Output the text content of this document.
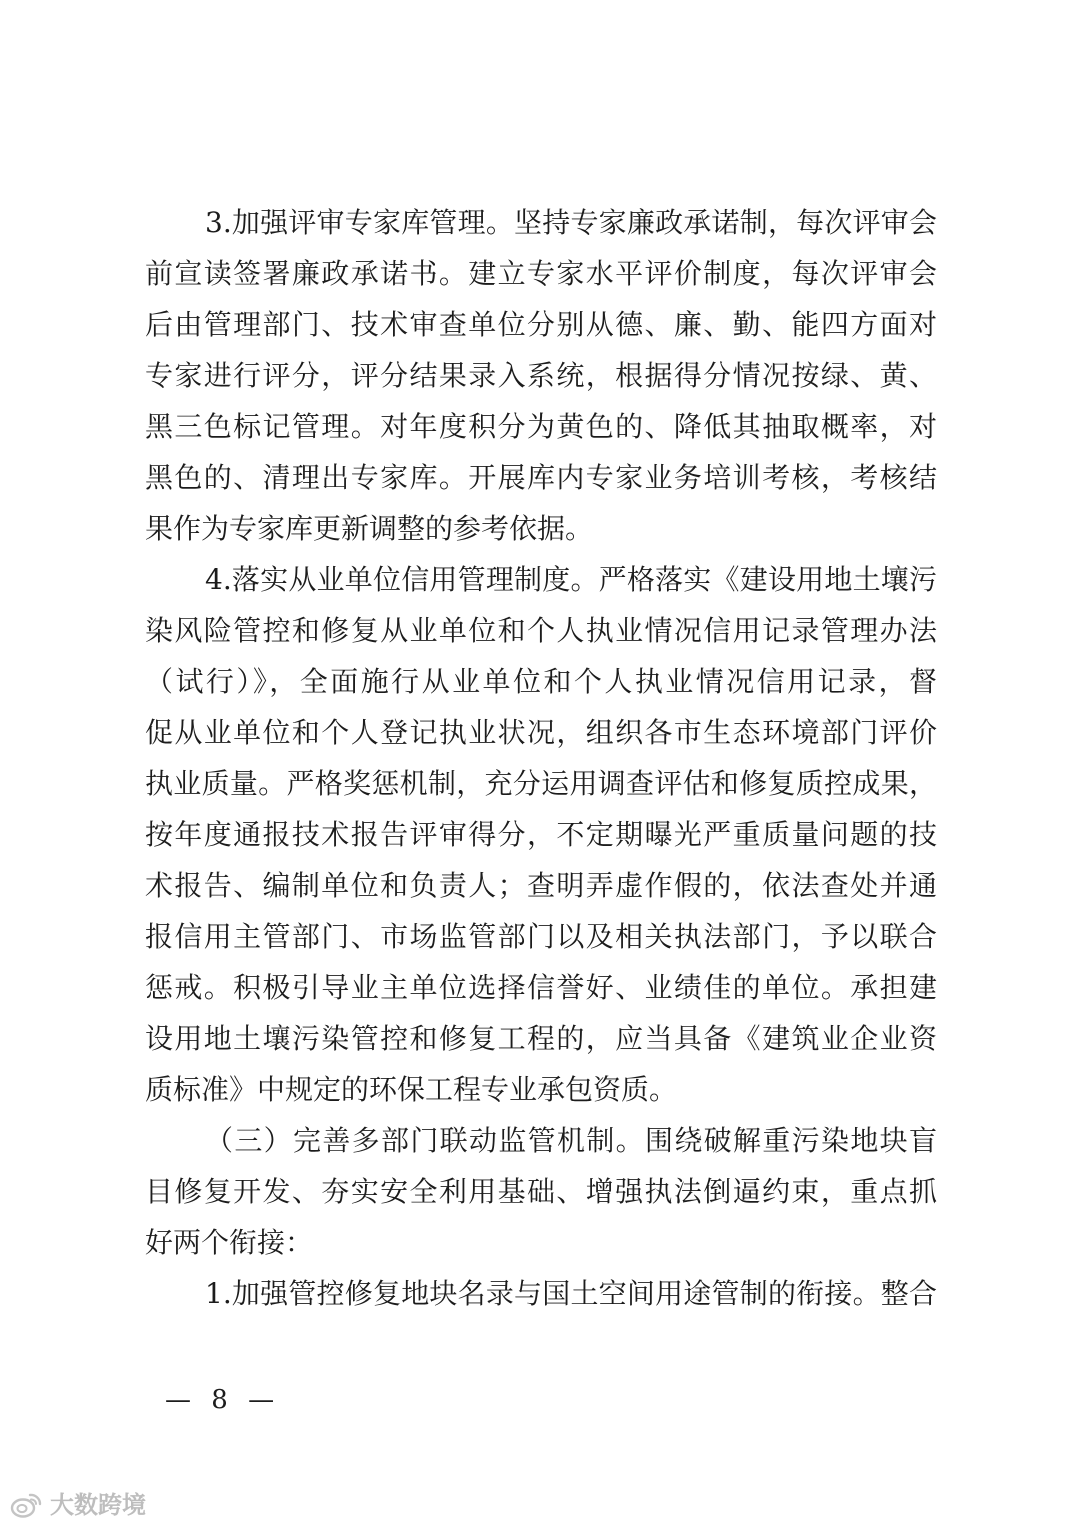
3.加强评审专家库管理。坚持专家廉政承诺制，每次评审会
前宣读签署廉政承诺书。建立专家水平评价制度，每次评审会
后由管理部门、技术审查单位分别从德、廉、勤、能四方面对
专家进行评分，评分结果录入系统，根据得分情况按绿、黄、
黑三色标记管理。对年度积分为黄色的、降低其抽取概率，对
黑色的、清理出专家库。开展库内专家业务培训考核，考核结
果作为专家库更新调整的参考依据。
4.落实从业单位信用管理制度。严格落实《建设用地土壤污
染风险管控和修复从业单位和个人执业情况信用记录管理办法
（试行）》，全面施行从业单位和个人执业情况信用记录，督
促从业单位和个人登记执业状况，组织各市生态环境部门评价
执业质量。严格奖惩机制，充分运用调查评估和修复质控成果，
按年度通报技术报告评审得分，不定期曝光严重质量问题的技
术报告、编制单位和负责人；查明弄虚作假的，依法查处并通
报信用主管部门、市场监管部门以及相关执法部门，予以联合
惩戒。积极引导业主单位选择信誉好、业绩佳的单位。承担建
设用地土壤污染管控和修复工程的，应当具备《建筑业企业资
质标准》中规定的环保工程专业承包资质。
（三）完善多部门联动监管机制。围绕破解重污染地块盲
目修复开发、夯实安全利用基础、增强执法倒逼约束，重点抓
好两个衔接：
1.加强管控修复地块名录与国土空间用途管制的衔接。整合
— 8 —
大数跨境
